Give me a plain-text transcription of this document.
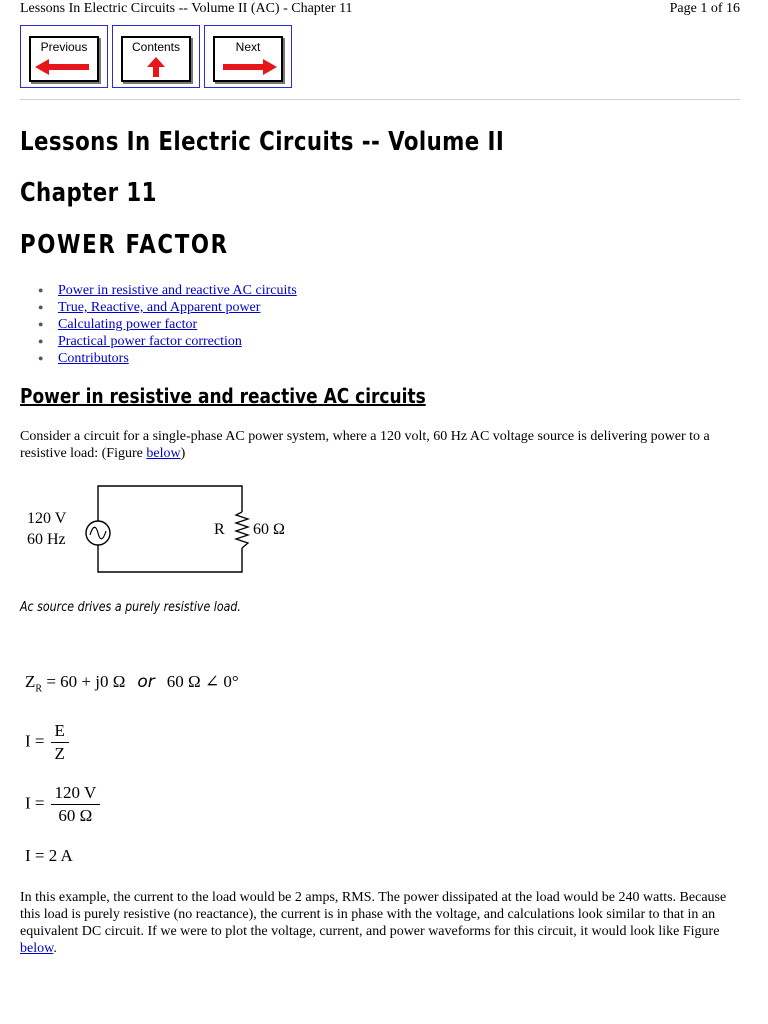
Lessons In Electric Circuits -- Volume II (AC) - Chapter 11	Page 1 of 16
Previous	Contents	Next
Lessons In Electric Circuits -- Volume II
Chapter 11
POWER FACTOR
● Power in resistive and reactive AC circuits
● True, Reactive, and Apparent power
● Calculating power factor
● Practical power factor correction
● Contributors
Power in resistive and reactive AC circuits

Consider a circuit for a single-phase AC power system, where a 120 volt, 60 Hz AC voltage source is delivering power to a resistive load: (Figure below)

120 V
60 Hz
R 60 Ω

Ac source drives a purely resistive load.

$Z_R = 60 + j0$ Ω or 60 Ω ∠ 0°
$I = \frac{E}{Z}$
$I = \frac{120 V}{60 \Omega}$
I = 2 A

In this example, the current to the load would be 2 amps, RMS. The power dissipated at the load would be 240 watts. Because this load is purely resistive (no reactance), the current is in phase with the voltage, and calculations look similar to that in an equivalent DC circuit. If we were to plot the voltage, current, and power waveforms for this circuit, it would look like Figure below.
